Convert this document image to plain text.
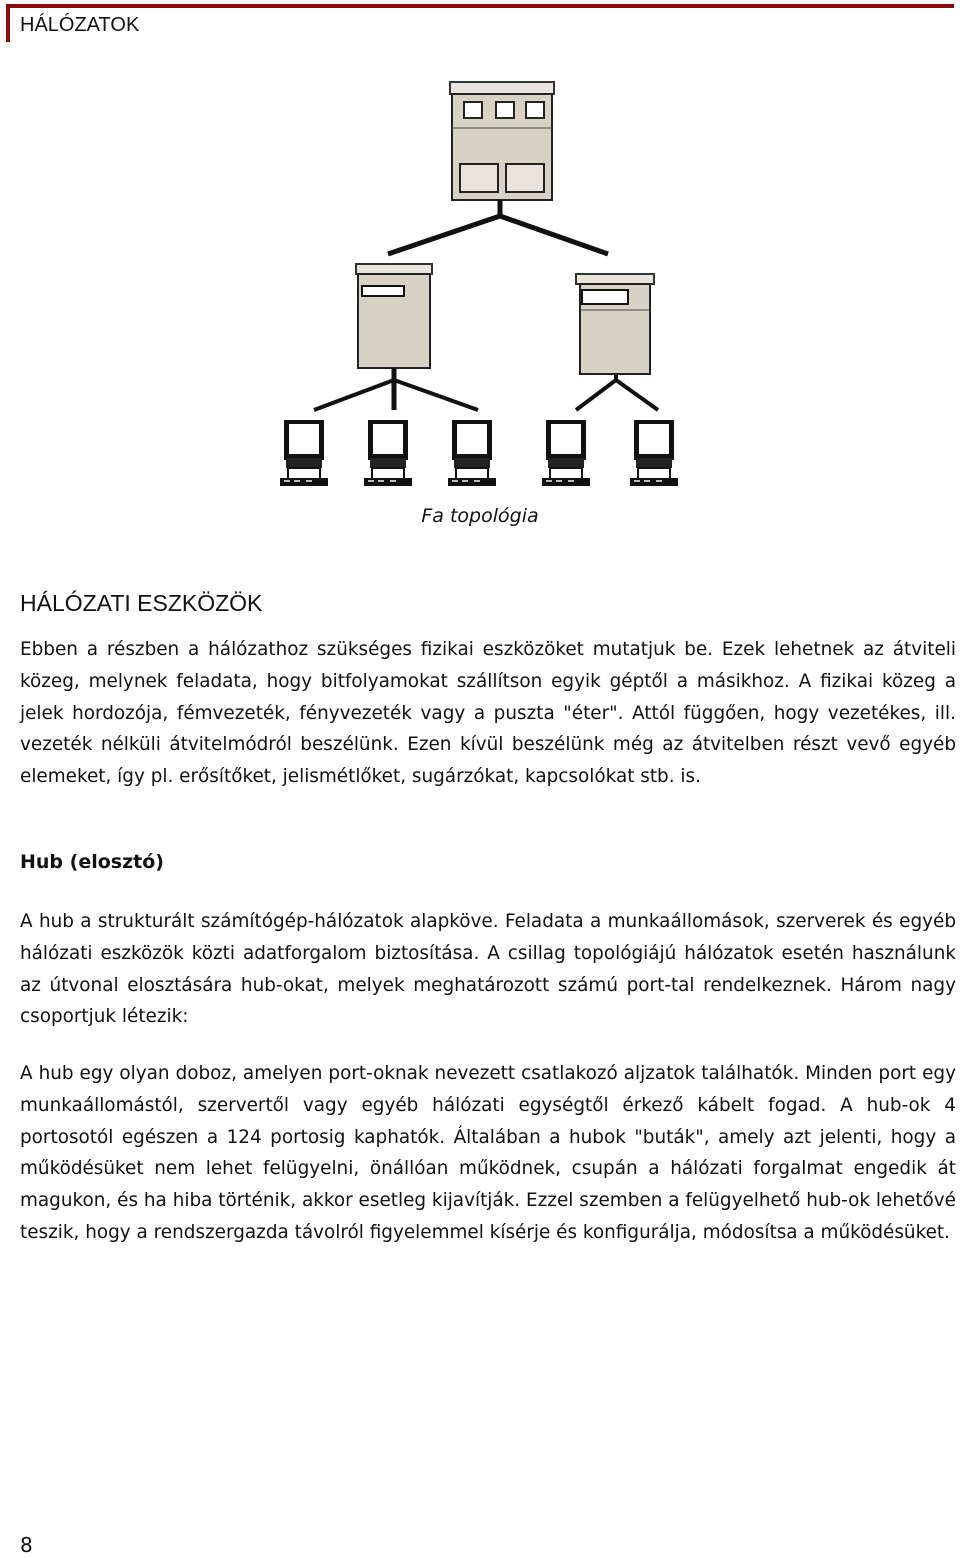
HÁLÓZATOK
Fa topológia
HÁLÓZATI ESZKÖZÖK

Ebben a részben a hálózathoz szükséges fizikai eszközöket mutatjuk be. Ezek lehetnek az átviteli közeg, melynek feladata, hogy bitfolyamokat szállítson egyik géptől a másikhoz. A fizikai közeg a jelek hordozója, fémvezeték, fényvezeték vagy a puszta "éter". Attól függően, hogy vezetékes, ill. vezeték nélküli átvitelmódról beszélünk. Ezen kívül beszélünk még az átvitelben részt vevő egyéb elemeket, így pl. erősítőket, jelismétlőket, sugárzókat, kapcsolókat stb. is.

Hub (elosztó)

A hub a strukturált számítógép-hálózatok alapköve. Feladata a munkaállomások, szerverek és egyéb hálózati eszközök közti adatforgalom biztosítása. A csillag topológiájú hálózatok esetén használunk az útvonal elosztására hub-okat, melyek meghatározott számú port-tal rendelkeznek. Három nagy csoportjuk létezik:

A hub egy olyan doboz, amelyen port-oknak nevezett csatlakozó aljzatok találhatók. Minden port egy munkaállomástól, szervertől vagy egyéb hálózati egységtől érkező kábelt fogad. A hub-ok 4 portosotól egészen a 124 portosig kaphatók. Általában a hubok "buták", amely azt jelenti, hogy a működésüket nem lehet felügyelni, önállóan működnek, csupán a hálózati forgalmat engedik át magukon, és ha hiba történik, akkor esetleg kijavítják. Ezzel szemben a felügyelhető hub-ok lehetővé teszik, hogy a rendszergazda távolról figyelemmel kísérje és konfigurálja, módosítsa a működésüket.

8
